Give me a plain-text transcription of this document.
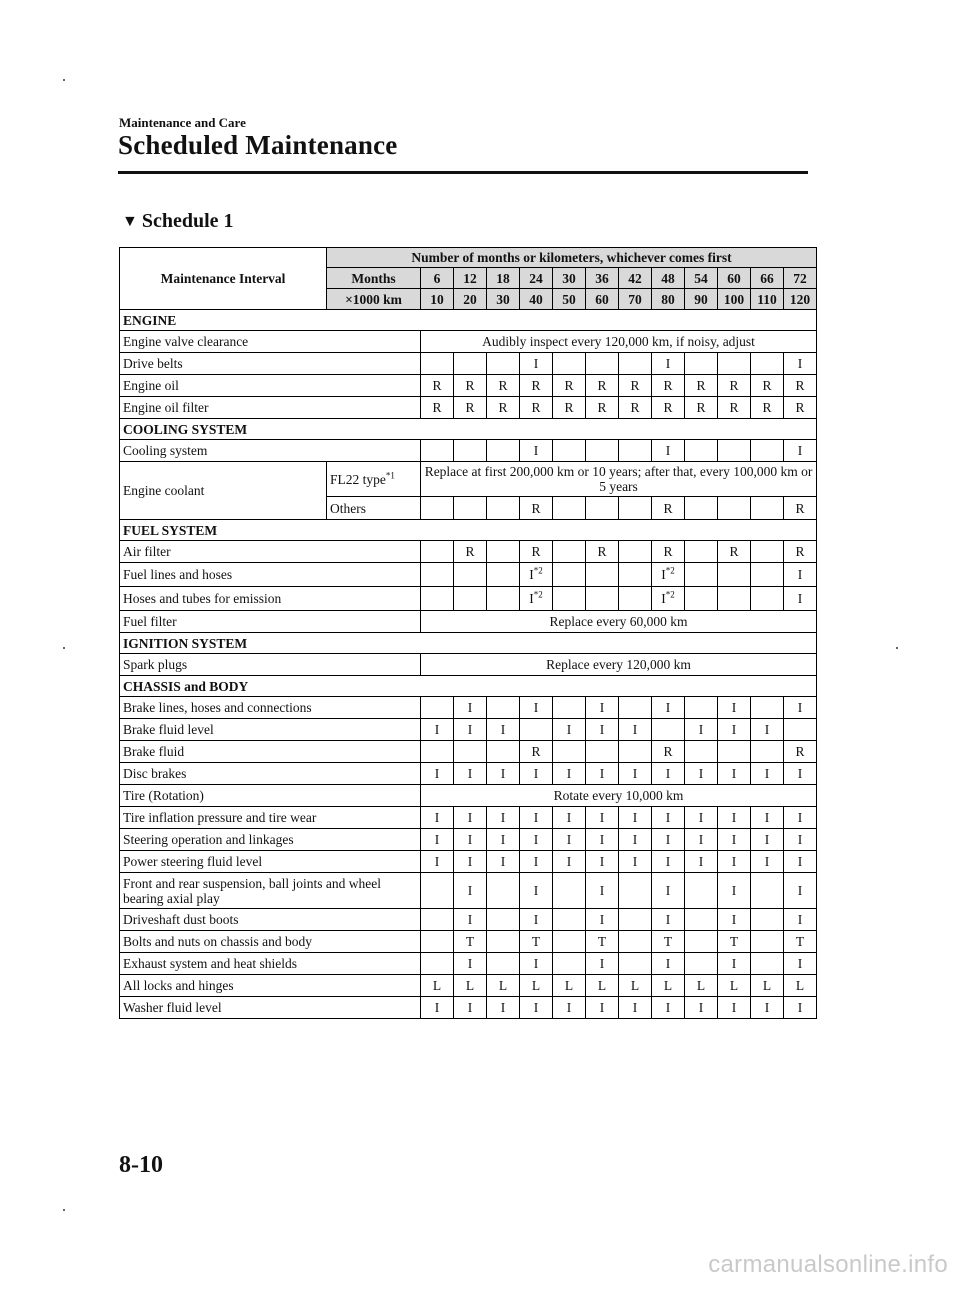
Maintenance and Care
Scheduled Maintenance
▼ Schedule 1
Maintenance Interval	Number of months or kilometers, whichever comes first												
	Months	6	12	18	24	30	36	42	48	54	60	66	72
	×1000 km	10	20	30	40	50	60	70	80	90	100	110	120
ENGINE													
Engine valve clearance		Audibly inspect every 120,000 km, if noisy, adjust											
Drive belts					I				I				I
Engine oil		R	R	R	R	R	R	R	R	R	R	R	R
Engine oil filter		R	R	R	R	R	R	R	R	R	R	R	R
COOLING SYSTEM													
Cooling system					I				I				I
Engine coolant	FL22 type$^{*1}$	Replace at first 200,000 km or 10 years; after that, every 100,000 km or 5 years											
	Others				R				R				R
FUEL SYSTEM													
Air filter			R		R		R		R		R		R
Fuel lines and hoses					$I^{*2}$				$I^{*2}$				I
Hoses and tubes for emission					$I^{*2}$				$I^{*2}$				I
Fuel filter		Replace every 60,000 km											
IGNITION SYSTEM													
Spark plugs		Replace every 120,000 km											
CHASSIS and BODY													
Brake lines, hoses and connections			I		I		I		I		I		I
Brake fluid level		I	I	I		I	I	I		I	I	I	
Brake fluid					R				R				R
Disc brakes		I	I	I	I	I	I	I	I	I	I	I	I
Tire (Rotation)		Rotate every 10,000 km											
Tire inflation pressure and tire wear		I	I	I	I	I	I	I	I	I	I	I	I
Steering operation and linkages		I	I	I	I	I	I	I	I	I	I	I	I
Power steering fluid level		I	I	I	I	I	I	I	I	I	I	I	I
Front and rear suspension, ball joints and wheel bearing axial play			I		I		I		I		I		I
Driveshaft dust boots			I		I		I		I		I		I
Bolts and nuts on chassis and body			T		T		T		T		T		T
Exhaust system and heat shields			I		I		I		I		I		I
All locks and hinges		L	L	L	L	L	L	L	L	L	L	L	L
Washer fluid level		I	I	I	I	I	I	I	I	I	I	I	I
8-10
carmanualsonline.info
